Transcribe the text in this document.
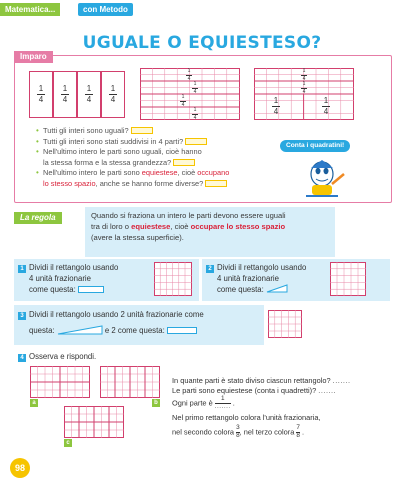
Matematica...	con Metodo
UGUALE O EQUIESTESO?
Imparo
1
4
1
4
1
4
1
4
1
4
1
4
1
4
1
4
1
4
1
4
1
4
1
4
• Tutti gli interi sono uguali?
• Tutti gli interi sono stati suddivisi in 4 parti?
• Nell'ultimo intero le parti sono uguali, cioè hanno
la stessa forma e la stessa grandezza?
• Nell'ultimo intero le parti sono equiestese, cioè occupano
lo stesso spazio, anche se hanno forme diverse?
Conta i quadratini!
La regola	Quando si fraziona un intero le parti devono essere uguali
tra di loro o equiestese, cioè occupare lo stesso spazio
(avere la stessa superficie).
1 Dividi il rettangolo usando
4 unità frazionarie
come questa:
2 Dividi il rettangolo usando
4 unità frazionarie
come questa:
3 Dividi il rettangolo usando 2 unità frazionarie come
questa:	e 2 come questa:
4 Osserva e rispondi.
a	b
c
In quante parti è stato diviso ciascun rettangolo? .......
Le parti sono equiestese (conta i quadretti)? .......
Ogni parte è 1
....... .
Nel primo rettangolo colora l'unità frazionaria,
nel secondo colora $\frac{3}{8}$, nel terzo colora $\frac{7}{8}$ .
98
